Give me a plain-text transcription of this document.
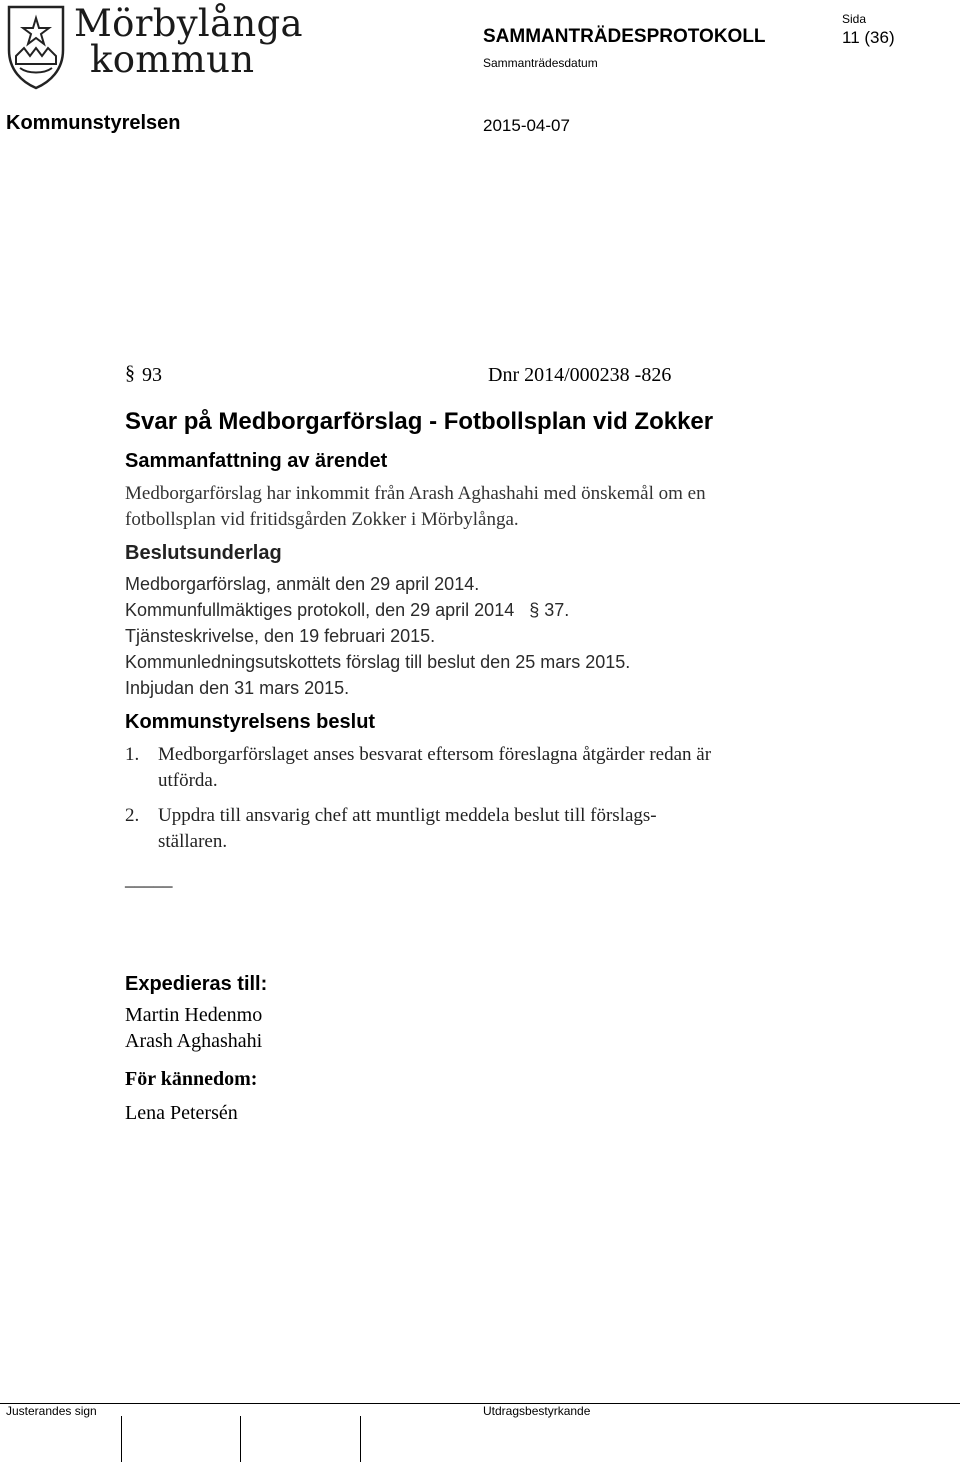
Mörbylånga
kommun
SAMMANTRÄDESPROTOKOLL
Sida
11 (36)
Sammanträdesdatum
Kommunstyrelsen	2015-04-07
§ 93	Dnr 2014/000238 -826
Svar på Medborgarförslag - Fotbollsplan vid Zokker
Sammanfattning av ärendet
Medborgarförslag har inkommit från Arash Aghashahi med önskemål om en
fotbollsplan vid fritidsgården Zokker i Mörbylånga.
Beslutsunderlag
Medborgarförslag, anmält den 29 april 2014.
Kommunfullmäktiges protokoll, den 29 april 2014 § 37.
Tjänsteskrivelse, den 19 februari 2015.
Kommunledningsutskottets förslag till beslut den 25 mars 2015.
Inbjudan den 31 mars 2015.
Kommunstyrelsens beslut
1. Medborgarförslaget anses besvarat eftersom föreslagna åtgärder redan är
utförda.
2. Uppdra till ansvarig chef att muntligt meddela beslut till förslags-
ställaren.
_____
Expedieras till:
Martin Hedenmo
Arash Aghashahi
För kännedom:
Lena Petersén
Justerandes sign	Utdragsbestyrkande
